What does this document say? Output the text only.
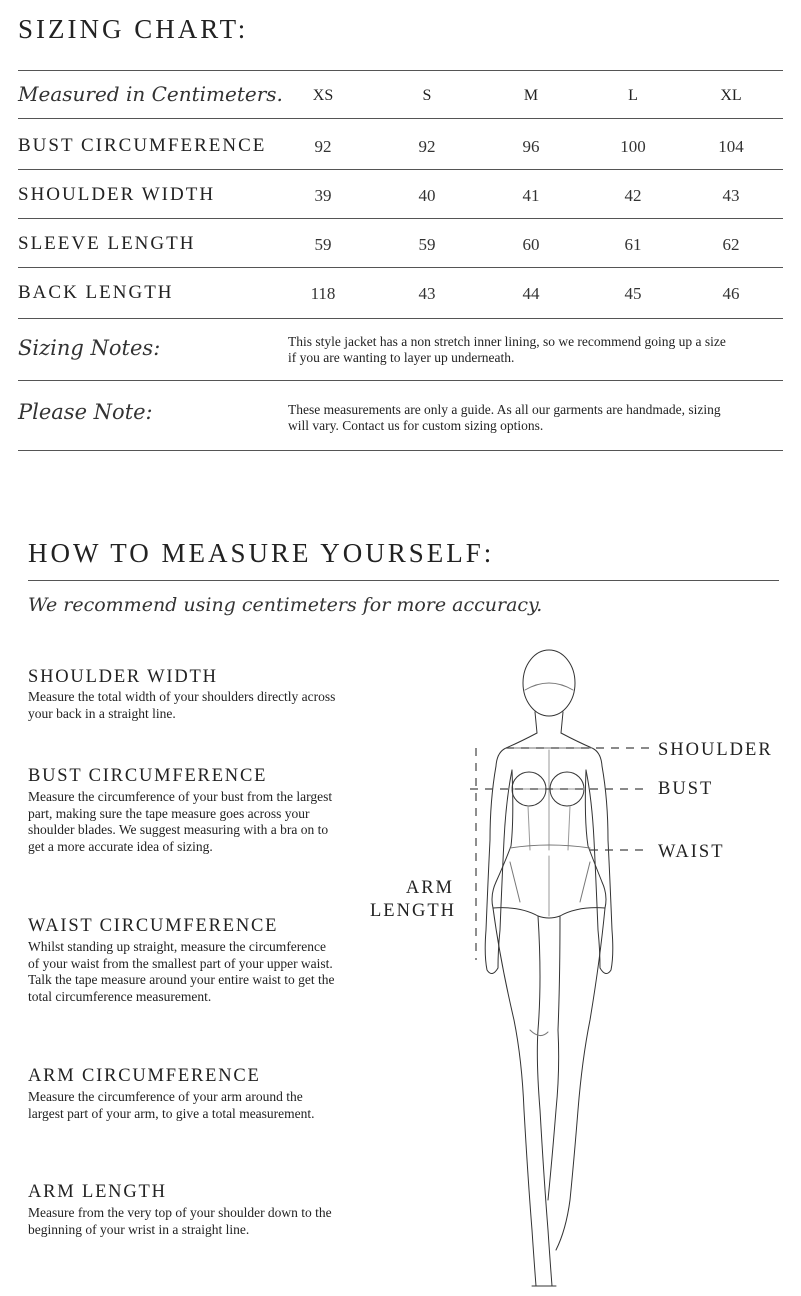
SIZING CHART:
Measured in Centimeters.	XS	S	M	L	XL
BUST CIRCUMFERENCE	92	92	96	100	104
SHOULDER WIDTH	39	40	41	42	43
SLEEVE LENGTH	59	59	60	61	62
BACK LENGTH	118	43	44	45	46
Sizing Notes:	This style jacket has a non stretch inner lining, so we recommend going up a size if you are wanting to layer up underneath.
Please Note:	These measurements are only a guide. As all our garments are handmade, sizing will vary. Contact us for custom sizing options.
HOW TO MEASURE YOURSELF:
We recommend using centimeters for more accuracy.
SHOULDER WIDTH
Measure the total width of your shoulders directly across your back in a straight line.
BUST CIRCUMFERENCE
Measure the circumference of your bust from the largest part, making sure the tape measure goes across your shoulder blades. We suggest measuring with a bra on to get a more accurate idea of sizing.
WAIST CIRCUMFERENCE
Whilst standing up straight, measure the circumference of your waist from the smallest part of your upper waist. Talk the tape measure around your entire waist to get the total circumference measurement.
ARM CIRCUMFERENCE
Measure the circumference of your arm around the largest part of your arm, to give a total measurement.
ARM LENGTH
Measure from the very top of your shoulder down to the beginning of your wrist in a straight line.
SHOULDER
BUST
WAIST
ARM
LENGTH
